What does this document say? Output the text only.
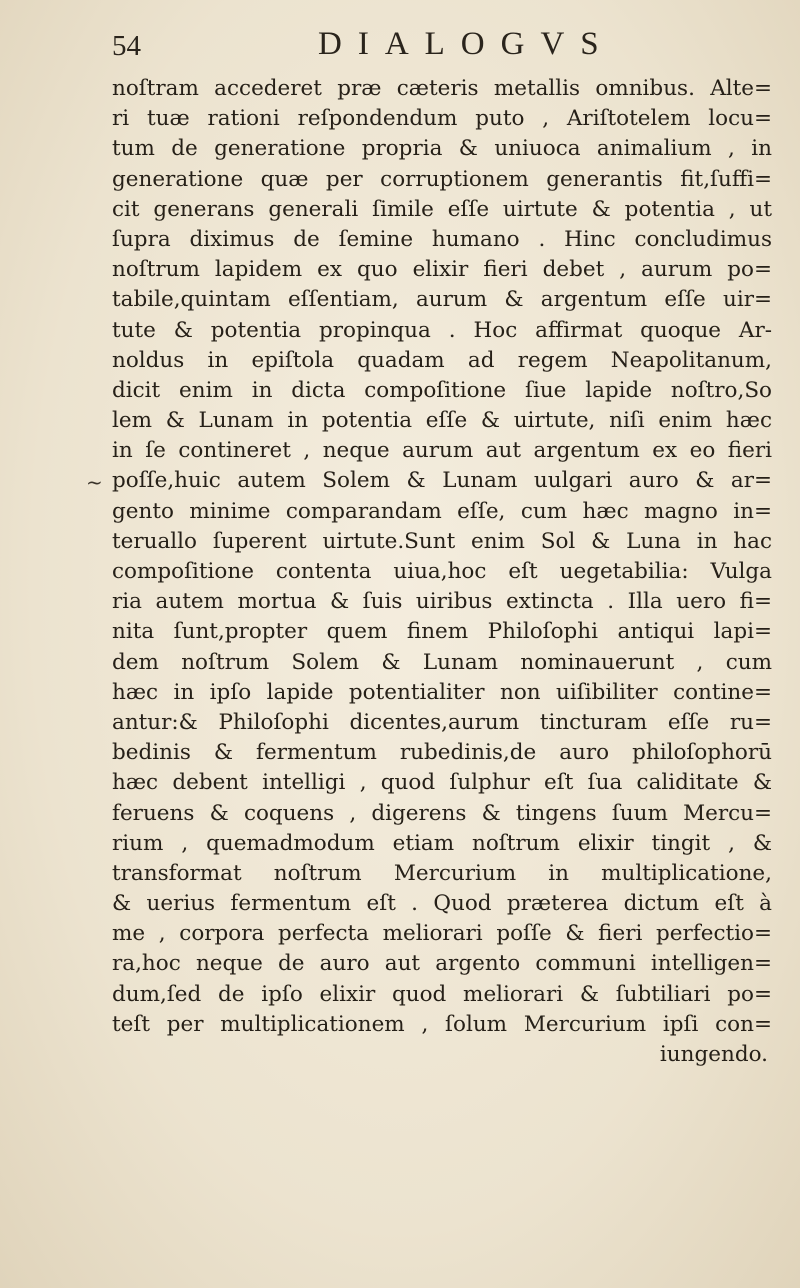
54	DIALOGVS
~
noſtram accederet præ cæteris metallis omnibus. Alte=
ri tuæ rationi reſpondendum puto , Ariſtotelem locu=
tum de generatione propria & uniuoca animalium , in
generatione quæ per corruptionem generantis fit,ſuffi=
cit generans generali ſimile eſſe uirtute & potentia , ut
ſupra diximus de ſemine humano . Hinc concludimus
noſtrum lapidem ex quo elixir fieri debet , aurum po=
tabile,quintam eſſentiam, aurum & argentum eſſe uir=
tute & potentia propinqua . Hoc affirmat quoque Ar-
noldus in epiſtola quadam ad regem Neapolitanum,
dicit enim in dicta compoſitione ſiue lapide noſtro,So
lem & Lunam in potentia eſſe & uirtute, niſi enim hæc
in ſe contineret , neque aurum aut argentum ex eo fieri
poſſe,huic autem Solem & Lunam uulgari auro & ar=
gento minime comparandam eſſe, cum hæc magno in=
teruallo ſuperent uirtute.Sunt enim Sol & Luna in hac
compoſitione contenta uiua,hoc eſt uegetabilia: Vulga
ria autem mortua & ſuis uiribus extincta . Illa uero fi=
nita ſunt,propter quem finem Philoſophi antiqui lapi=
dem noſtrum Solem & Lunam nominauerunt , cum
hæc in ipſo lapide potentialiter non uiſibiliter contine=
antur:& Philoſophi dicentes,aurum tincturam eſſe ru=
bedinis & fermentum rubedinis,de auro philoſophorū
hæc debent intelligi , quod ſulphur eſt ſua caliditate &
feruens & coquens , digerens & tingens ſuum Mercu=
rium , quemadmodum etiam noſtrum elixir tingit , &
transformat noſtrum Mercurium in multiplicatione,
& uerius fermentum eſt . Quod prӕterea dictum eſt à
me , corpora perfecta meliorari poſſe & fieri perfectio=
ra,hoc neque de auro aut argento communi intelligen=
dum,ſed de ipſo elixir quod meliorari & ſubtiliari po=
teſt per multiplicationem , ſolum Mercurium ipſi con=
iungendo.
